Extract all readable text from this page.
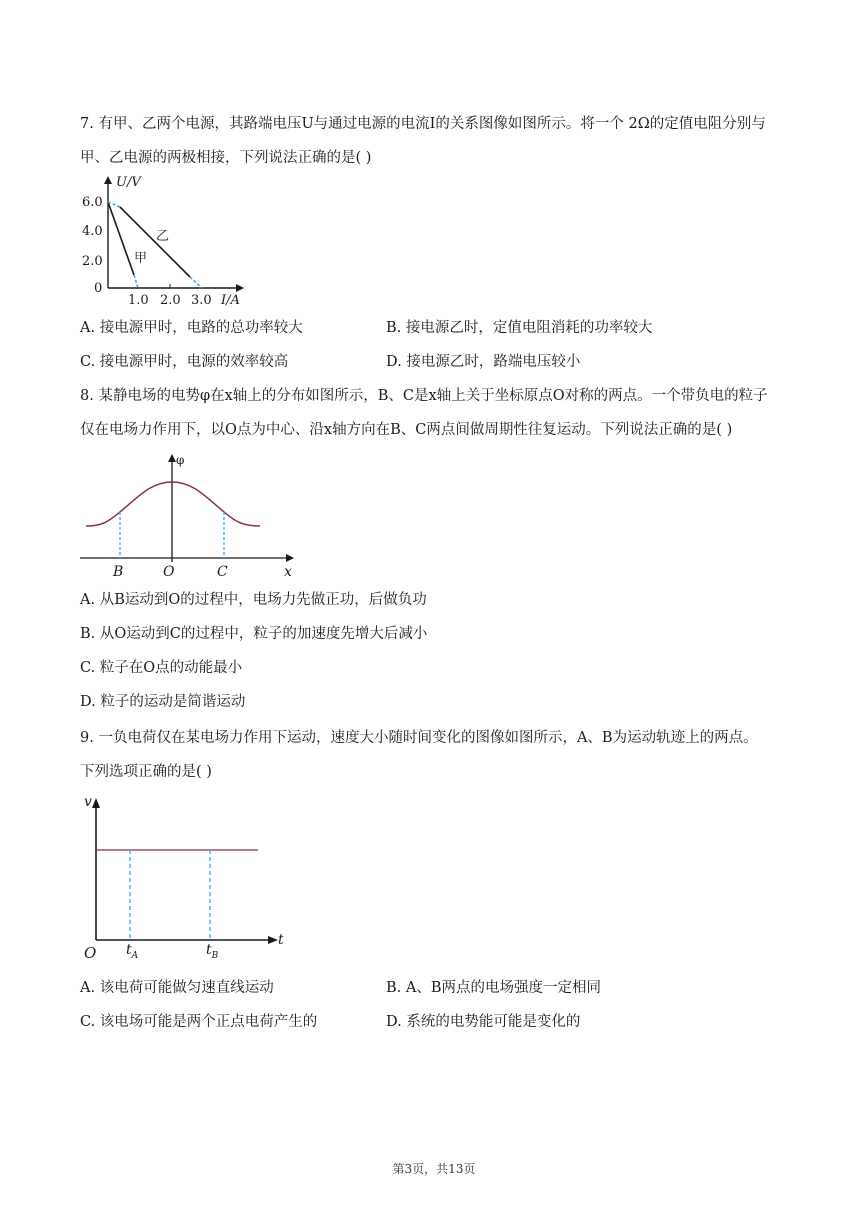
7. 有甲、乙两个电源，其路端电压U与通过电源的电流I的关系图像如图所示。将一个 2Ω的定值电阻分别与
甲、乙电源的两极相接，下列说法正确的是( )
U/V
6.0
4.0
2.0
0
1.0 2.0 3.0 I/A
甲
乙
A. 接电源甲时，电路的总功率较大	B. 接电源乙时，定值电阻消耗的功率较大
C. 接电源甲时，电源的效率较高	D. 接电源乙时，路端电压较小
8. 某静电场的电势φ在x轴上的分布如图所示，B、C是x轴上关于坐标原点O对称的两点。一个带负电的粒子
仅在电场力作用下，以O点为中心、沿x轴方向在B、C两点间做周期性往复运动。下列说法正确的是( )
φ
B	O	C	x
A. 从B运动到O的过程中，电场力先做正功，后做负功
B. 从O运动到C的过程中，粒子的加速度先增大后减小
C. 粒子在O点的动能最小
D. 粒子的运动是简谐运动
9. 一负电荷仅在某电场力作用下运动，速度大小随时间变化的图像如图所示，A、B为运动轨迹上的两点。
下列选项正确的是( )
v
O
t
$t_A$	$t_B$
A. 该电荷可能做匀速直线运动	B. A、B两点的电场强度一定相同
C. 该电场可能是两个正点电荷产生的	D. 系统的电势能可能是变化的
第3页，共13页
